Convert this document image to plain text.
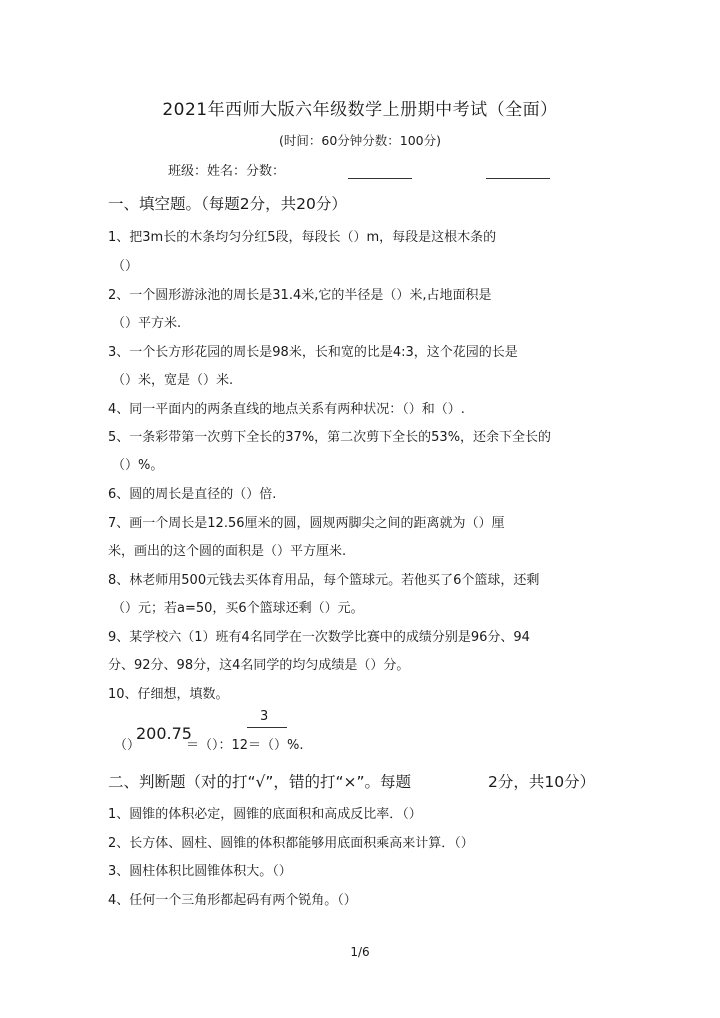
2021年西师大版六年级数学上册期中考试（全面）
(时间：60分钟分数：100分)
班级：姓名：分数：
一、填空题。（每题2分，共20分）
1、把3m长的木条均匀分红5段，每段长（）m，每段是这根木条的
（）
2、一个圆形游泳池的周长是31.4米,它的半径是（）米,占地面积是
（）平方米.
3、一个长方形花园的周长是98米，长和宽的比是4:3，这个花园的长是
（）米，宽是（）米.
4、同一平面内的两条直线的地点关系有两种状况：（）和（）.
5、一条彩带第一次剪下全长的37%，第二次剪下全长的53%，还余下全长的
（）%。
6、圆的周长是直径的（）倍.
7、画一个周长是12.56厘米的圆，圆规两脚尖之间的距离就为（）厘
米，画出的这个圆的面积是（）平方厘米.
8、林老师用500元钱去买体育用品，每个篮球元。若他买了6个篮球，还剩
（）元；若a=50，买6个篮球还剩（）元。
9、某学校六（1）班有4名同学在一次数学比赛中的成绩分别是96分、94
分、92分、98分，这4名同学的均匀成绩是（）分。
10、仔细想，填数。
3
（）
200.75
＝（）：12＝（）%.
二、判断题（对的打“√”，错的打“×”。每题	2分，共10分）
1、圆锥的体积必定，圆锥的底面积和高成反比率．（）
2、长方体、圆柱、圆锥的体积都能够用底面积乘高来计算．（）
3、圆柱体积比圆锥体积大。（）
4、任何一个三角形都起码有两个锐角。（）
1/6
